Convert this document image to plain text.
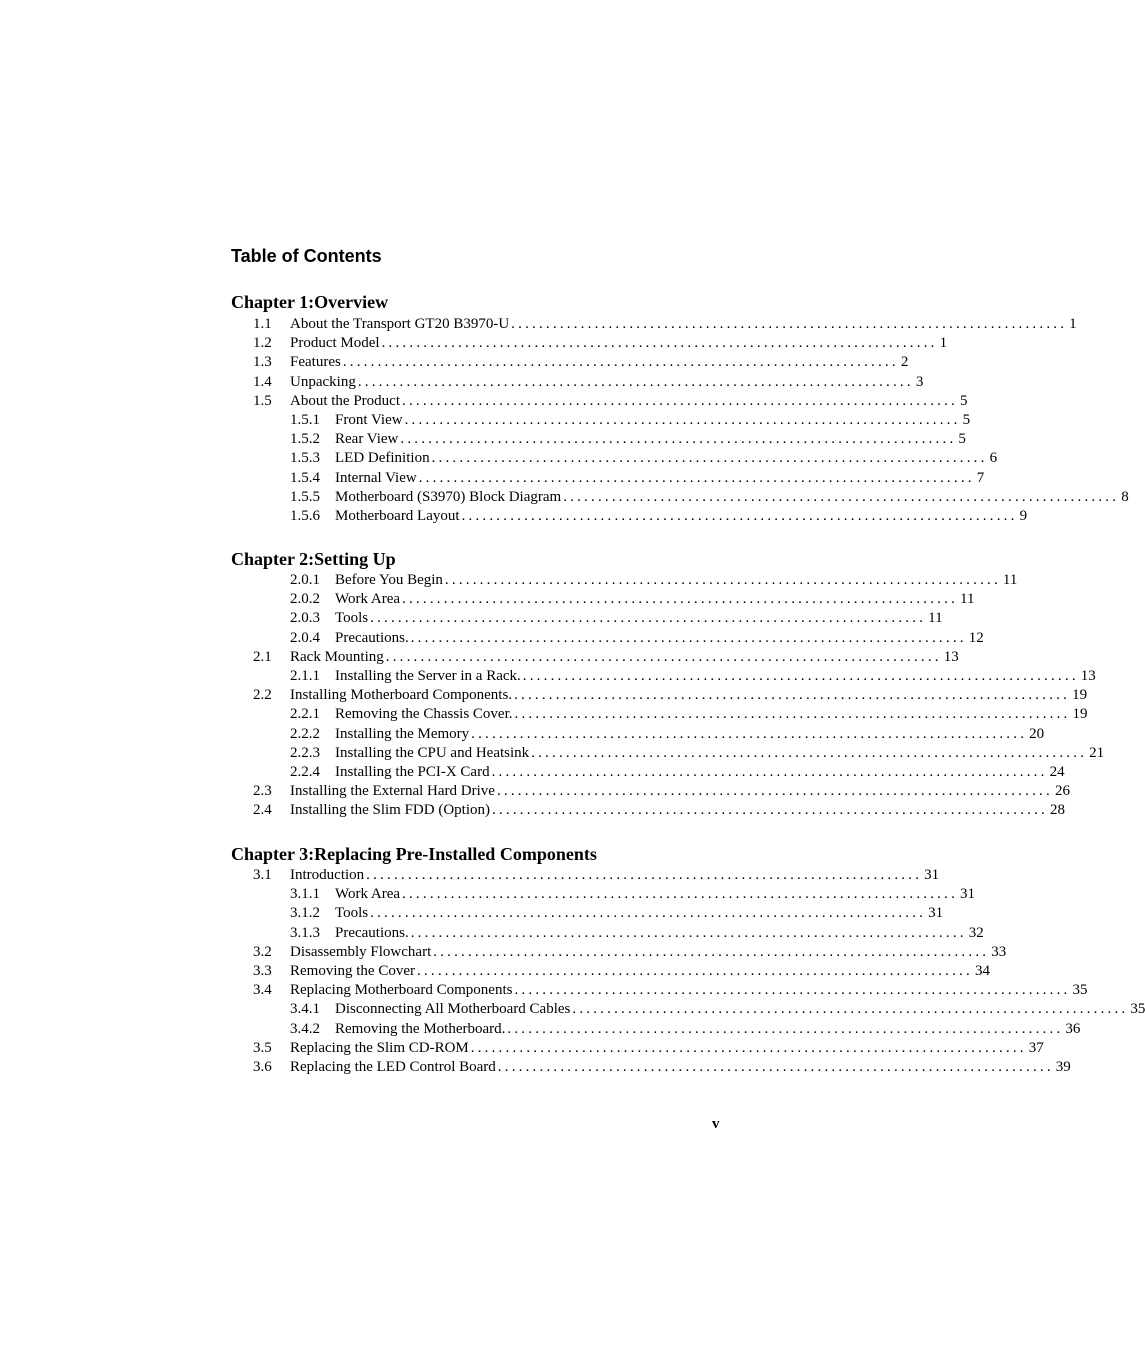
Table of Contents
Chapter 1:Overview
1.1	About the Transport GT20 B3970-U ................................................................................ 1
1.2	Product Model ................................................................................ 1
1.3	Features ................................................................................ 2
1.4	Unpacking ................................................................................ 3
1.5	About the Product ................................................................................ 5
1.5.1	Front View ................................................................................ 5
1.5.2	Rear View ................................................................................ 5
1.5.3	LED Definition ................................................................................ 6
1.5.4	Internal View ................................................................................ 7
1.5.5	Motherboard (S3970) Block Diagram ................................................................................ 8
1.5.6	Motherboard Layout ................................................................................ 9
Chapter 2:Setting Up
2.0.1	Before You Begin ................................................................................ 11
2.0.2	Work Area ................................................................................ 11
2.0.3	Tools ................................................................................ 11
2.0.4	Precautions. ................................................................................ 12
2.1	Rack Mounting ................................................................................ 13
2.1.1	Installing the Server in a Rack. ................................................................................ 13
2.2	Installing Motherboard Components. ................................................................................ 19
2.2.1	Removing the Chassis Cover. ................................................................................ 19
2.2.2	Installing the Memory ................................................................................ 20
2.2.3	Installing the CPU and Heatsink ................................................................................ 21
2.2.4	Installing the PCI-X Card ................................................................................ 24
2.3	Installing the External Hard Drive ................................................................................ 26
2.4	Installing the Slim FDD (Option) ................................................................................ 28
Chapter 3:Replacing Pre-Installed Components
3.1	Introduction ................................................................................ 31
3.1.1	Work Area ................................................................................ 31
3.1.2	Tools ................................................................................ 31
3.1.3	Precautions. ................................................................................ 32
3.2	Disassembly Flowchart ................................................................................ 33
3.3	Removing the Cover ................................................................................ 34
3.4	Replacing Motherboard Components ................................................................................ 35
3.4.1	Disconnecting All Motherboard Cables ................................................................................ 35
3.4.2	Removing the Motherboard. ................................................................................ 36
3.5	Replacing the Slim CD-ROM ................................................................................ 37
3.6	Replacing the LED Control Board ................................................................................ 39
v
